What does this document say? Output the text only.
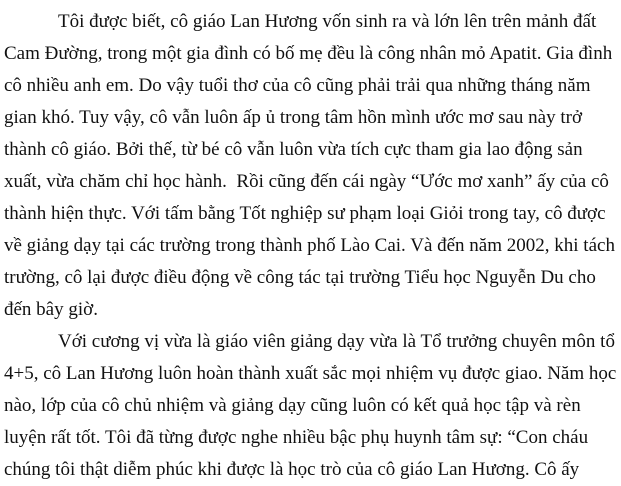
Tôi được biết, cô giáo Lan Hương vốn sinh ra và lớn lên trên mảnh đất
Cam Đường, trong một gia đình có bố mẹ đều là công nhân mỏ Apatit. Gia đình
cô nhiều anh em. Do vậy tuổi thơ của cô cũng phải trải qua những tháng năm
gian khó. Tuy vậy, cô vẫn luôn ấp ủ trong tâm hồn mình ước mơ sau này trở
thành cô giáo. Bởi thế, từ bé cô vẫn luôn vừa tích cực tham gia lao động sản
xuất, vừa chăm chỉ học hành.  Rồi cũng đến cái ngày “Ước mơ xanh” ấy của cô
thành hiện thực. Với tấm bằng Tốt nghiệp sư phạm loại Giỏi trong tay, cô được
về giảng dạy tại các trường trong thành phố Lào Cai. Và đến năm 2002, khi tách
trường, cô lại được điều động về công tác tại trường Tiểu học Nguyễn Du cho
đến bây giờ.
Với cương vị vừa là giáo viên giảng dạy vừa là Tổ trưởng chuyên môn tổ
4+5, cô Lan Hương luôn hoàn thành xuất sắc mọi nhiệm vụ được giao. Năm học
nào, lớp của cô chủ nhiệm và giảng dạy cũng luôn có kết quả học tập và rèn
luyện rất tốt. Tôi đã từng được nghe nhiều bậc phụ huynh tâm sự: “Con cháu
chúng tôi thật diễm phúc khi được là học trò của cô giáo Lan Hương. Cô ấy
